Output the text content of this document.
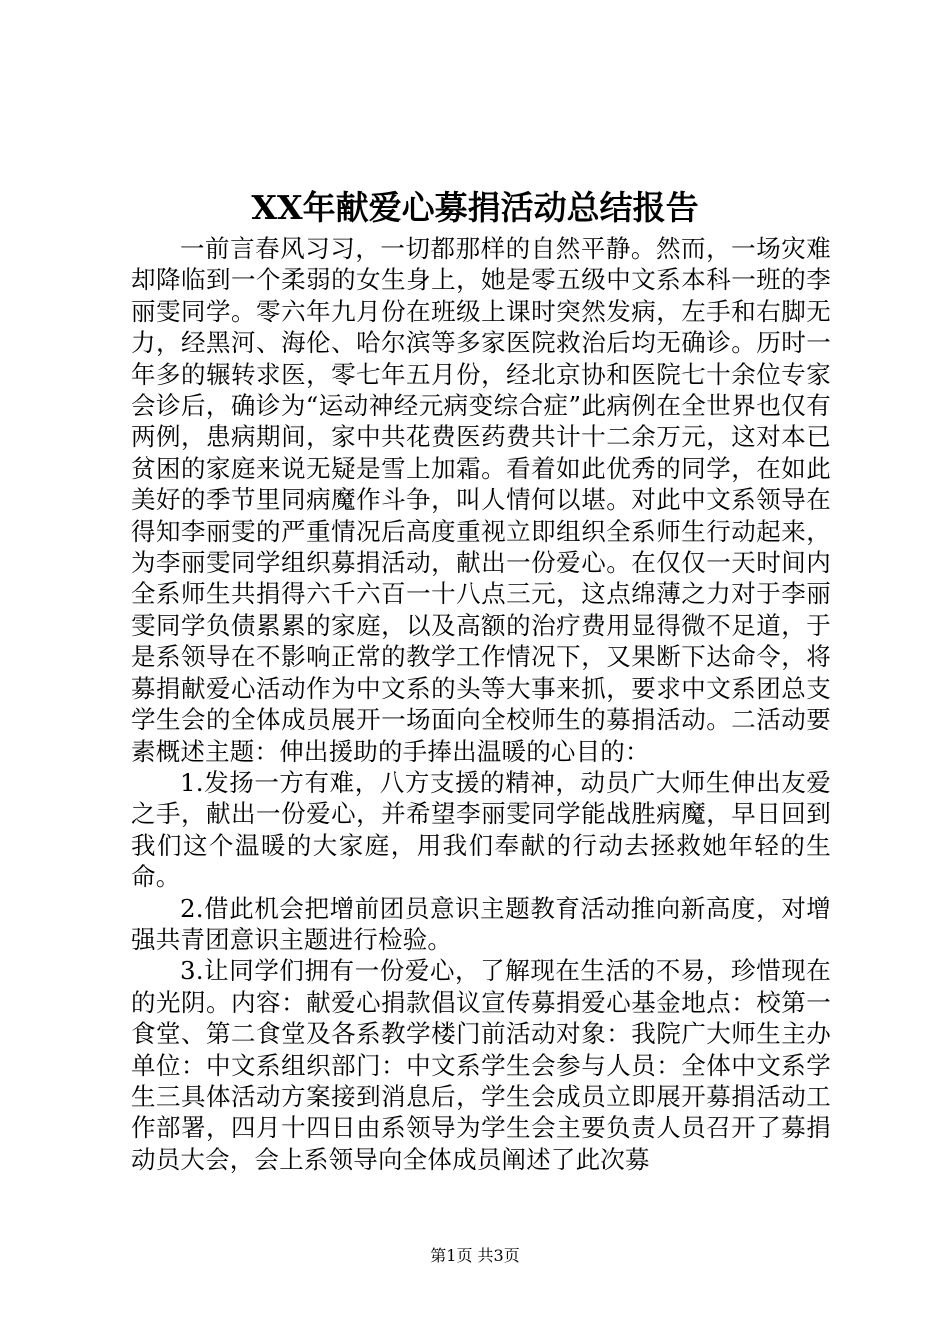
XX年献爱心募捐活动总结报告

一前言春风习习，一切都那样的自然平静。然而，一场灾难却降临到一个柔弱的女生身上，她是零五级中文系本科一班的李丽雯同学。零六年九月份在班级上课时突然发病，左手和右脚无力，经黑河、海伦、哈尔滨等多家医院救治后均无确诊。历时一年多的辗转求医，零七年五月份，经北京协和医院七十余位专家会诊后，确诊为“运动神经元病变综合症”此病例在全世界也仅有两例，患病期间，家中共花费医药费共计十二余万元，这对本已贫困的家庭来说无疑是雪上加霜。看着如此优秀的同学，在如此美好的季节里同病魔作斗争，叫人情何以堪。对此中文系领导在得知李丽雯的严重情况后高度重视立即组织全系师生行动起来，为李丽雯同学组织募捐活动，献出一份爱心。在仅仅一天时间内全系师生共捐得六千六百一十八点三元，这点绵薄之力对于李丽雯同学负债累累的家庭，以及高额的治疗费用显得微不足道，于是系领导在不影响正常的教学工作情况下，又果断下达命令，将募捐献爱心活动作为中文系的头等大事来抓，要求中文系团总支学生会的全体成员展开一场面向全校师生的募捐活动。二活动要素概述主题：伸出援助的手捧出温暖的心目的：

1.发扬一方有难，八方支援的精神，动员广大师生伸出友爱之手，献出一份爱心，并希望李丽雯同学能战胜病魔，早日回到我们这个温暖的大家庭，用我们奉献的行动去拯救她年轻的生命。

2.借此机会把增前团员意识主题教育活动推向新高度，对增强共青团意识主题进行检验。

3.让同学们拥有一份爱心，了解现在生活的不易，珍惜现在的光阴。内容：献爱心捐款倡议宣传募捐爱心基金地点：校第一食堂、第二食堂及各系教学楼门前活动对象：我院广大师生主办单位：中文系组织部门：中文系学生会参与人员：全体中文系学生三具体活动方案接到消息后，学生会成员立即展开募捐活动工作部署，四月十四日由系领导为学生会主要负责人员召开了募捐动员大会，会上系领导向全体成员阐述了此次募

第1页 共3页
